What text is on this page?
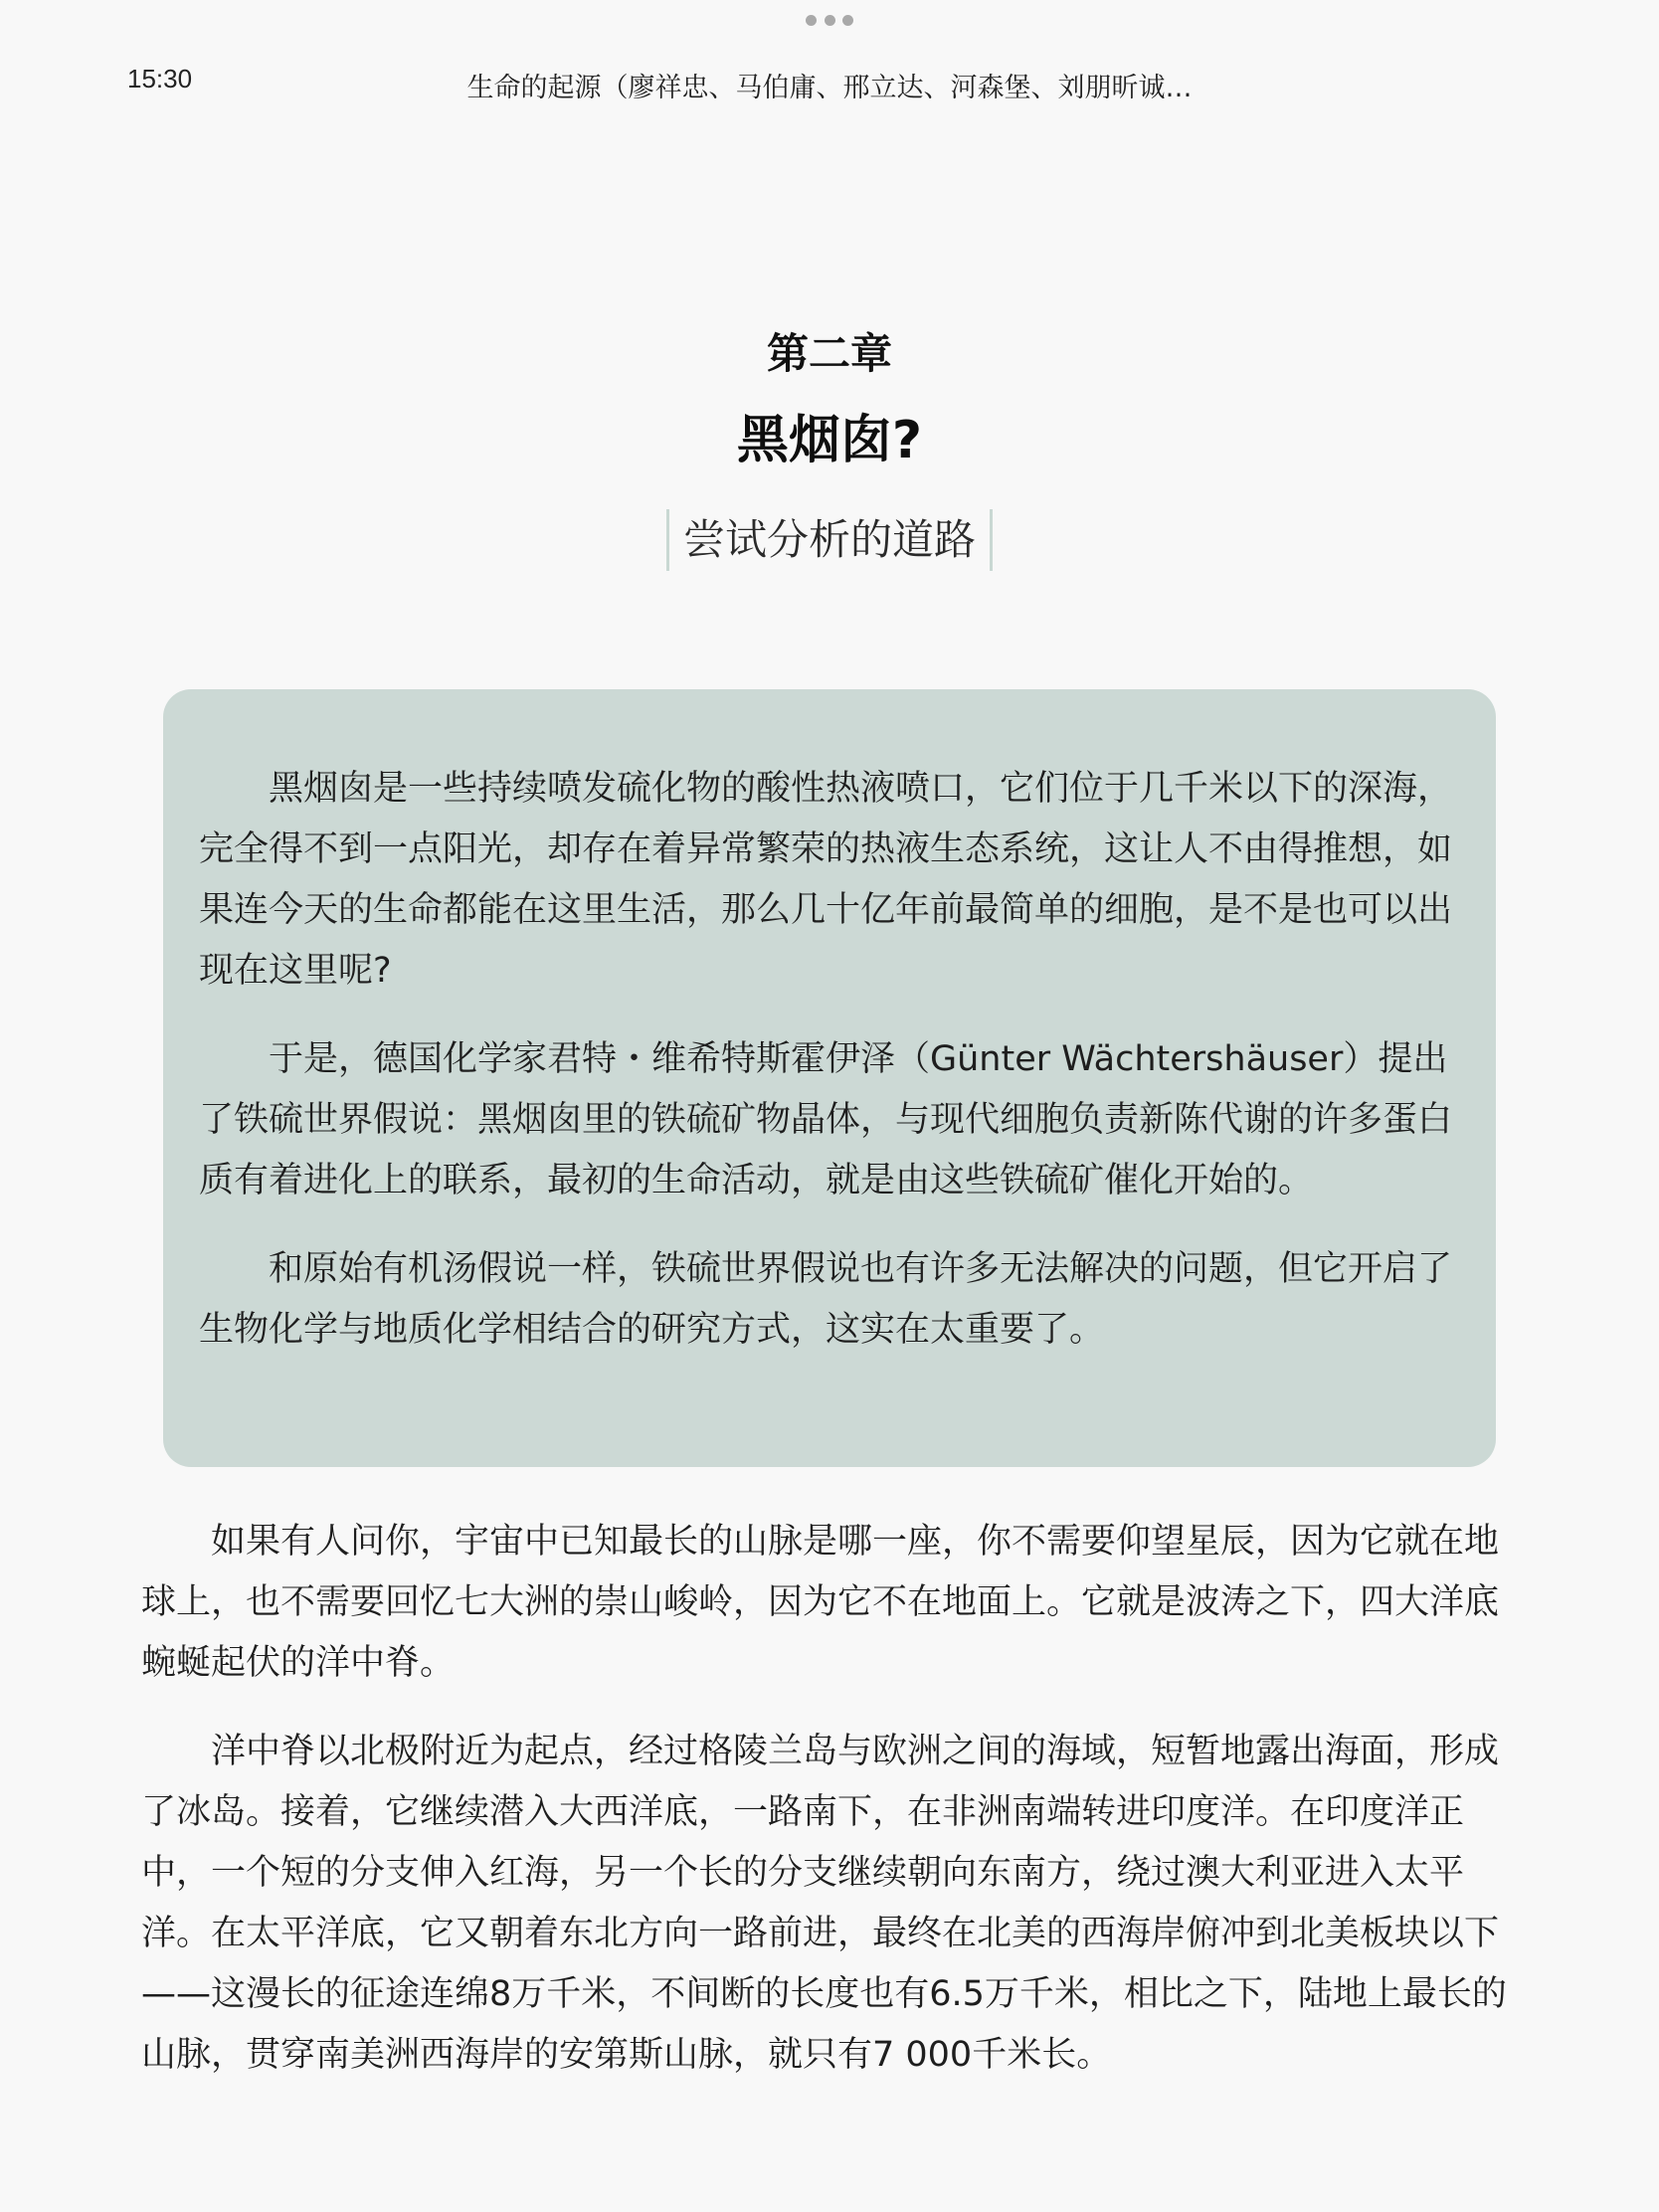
15:30	生命的起源（廖祥忠、马伯庸、邢立达、河森堡、刘朋昕诚…
第二章
黑烟囱?
尝试分析的道路

黑烟囱是一些持续喷发硫化物的酸性热液喷口，它们位于几千米以下的深海，完全得不到一点阳光，却存在着异常繁荣的热液生态系统，这让人不由得推想，如果连今天的生命都能在这里生活，那么几十亿年前最简单的细胞，是不是也可以出现在这里呢?

于是，德国化学家君特・维希特斯霍伊泽（Günter Wächtershäuser）提出了铁硫世界假说：黑烟囱里的铁硫矿物晶体，与现代细胞负责新陈代谢的许多蛋白质有着进化上的联系，最初的生命活动，就是由这些铁硫矿催化开始的。

和原始有机汤假说一样，铁硫世界假说也有许多无法解决的问题，但它开启了生物化学与地质化学相结合的研究方式，这实在太重要了。

如果有人问你，宇宙中已知最长的山脉是哪一座，你不需要仰望星辰，因为它就在地球上，也不需要回忆七大洲的崇山峻岭，因为它不在地面上。它就是波涛之下，四大洋底蜿蜒起伏的洋中脊。

洋中脊以北极附近为起点，经过格陵兰岛与欧洲之间的海域，短暂地露出海面，形成了冰岛。接着，它继续潜入大西洋底，一路南下，在非洲南端转进印度洋。在印度洋正中，一个短的分支伸入红海，另一个长的分支继续朝向东南方，绕过澳大利亚进入太平洋。在太平洋底，它又朝着东北方向一路前进，最终在北美的西海岸俯冲到北美板块以下——这漫长的征途连绵8万千米，不间断的长度也有6.5万千米，相比之下，陆地上最长的山脉，贯穿南美洲西海岸的安第斯山脉，就只有7 000千米长。
